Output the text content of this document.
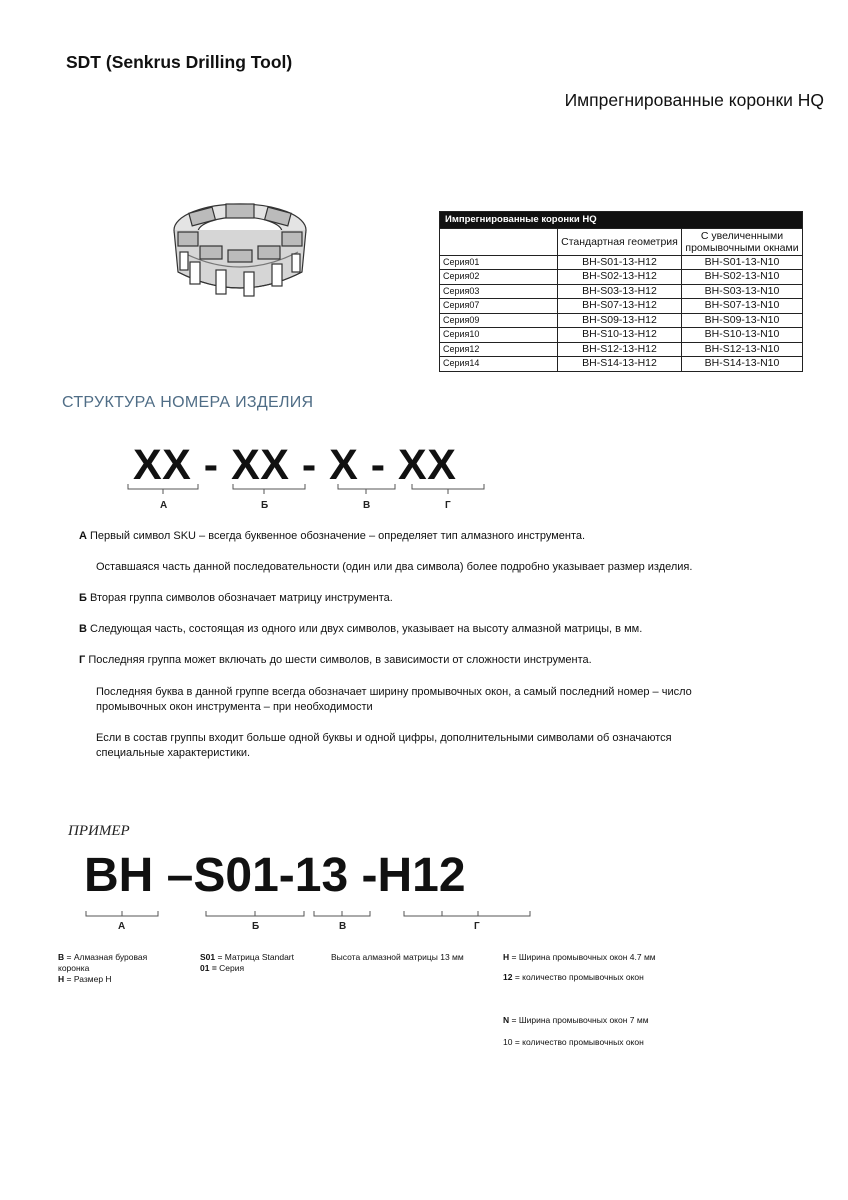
SDT (Senkrus Drilling Tool)
Импрегнированные коронки HQ
Импрегнированные коронки HQ		
	Стандартная геометрия	С увеличенными промывочными окнами
Серия01	BH-S01-13-H12	BH-S01-13-N10
Серия02	BH-S02-13-H12	BH-S02-13-N10
Серия03	BH-S03-13-H12	BH-S03-13-N10
Серия07	BH-S07-13-H12	BH-S07-13-N10
Серия09	BH-S09-13-H12	BH-S09-13-N10
Серия10	BH-S10-13-H12	BH-S10-13-N10
Серия12	BH-S12-13-H12	BH-S12-13-N10
Серия14	BH-S14-13-H12	BH-S14-13-N10
СТРУКТУРА НОМЕРА ИЗДЕЛИЯ
XX - XX - X - XX
А	Б	В	Г
А Первый символ SKU – всегда буквенное обозначение – определяет тип алмазного инструмента.
Оставшаяся часть данной последовательности (один или два символа) более подробно указывает размер изделия.
Б Вторая группа символов обозначает матрицу инструмента.
В Следующая часть, состоящая из одного или двух символов, указывает на высоту алмазной матрицы, в мм.
Г Последняя группа может включать до шести символов, в зависимости от сложности инструмента.
Последняя буква в данной группе всегда обозначает ширину промывочных окон, а самый последний номер – число промывочных окон инструмента – при необходимости
Если в состав группы входит больше одной буквы и одной цифры, дополнительными символами об означаются специальные характеристики.
ПРИМЕР
BH –S01-13 -H12
А	Б	В	Г
B = Алмазная буровая коронка
H = Размер H
S01 = Матрица Standart
01 = Серия
Высота алмазной матрицы 13 мм	H = Ширина промывочных окон 4.7 мм
12 = количество промывочных окон
N = Ширина промывочных окон 7 мм
10 = количество промывочных окон
